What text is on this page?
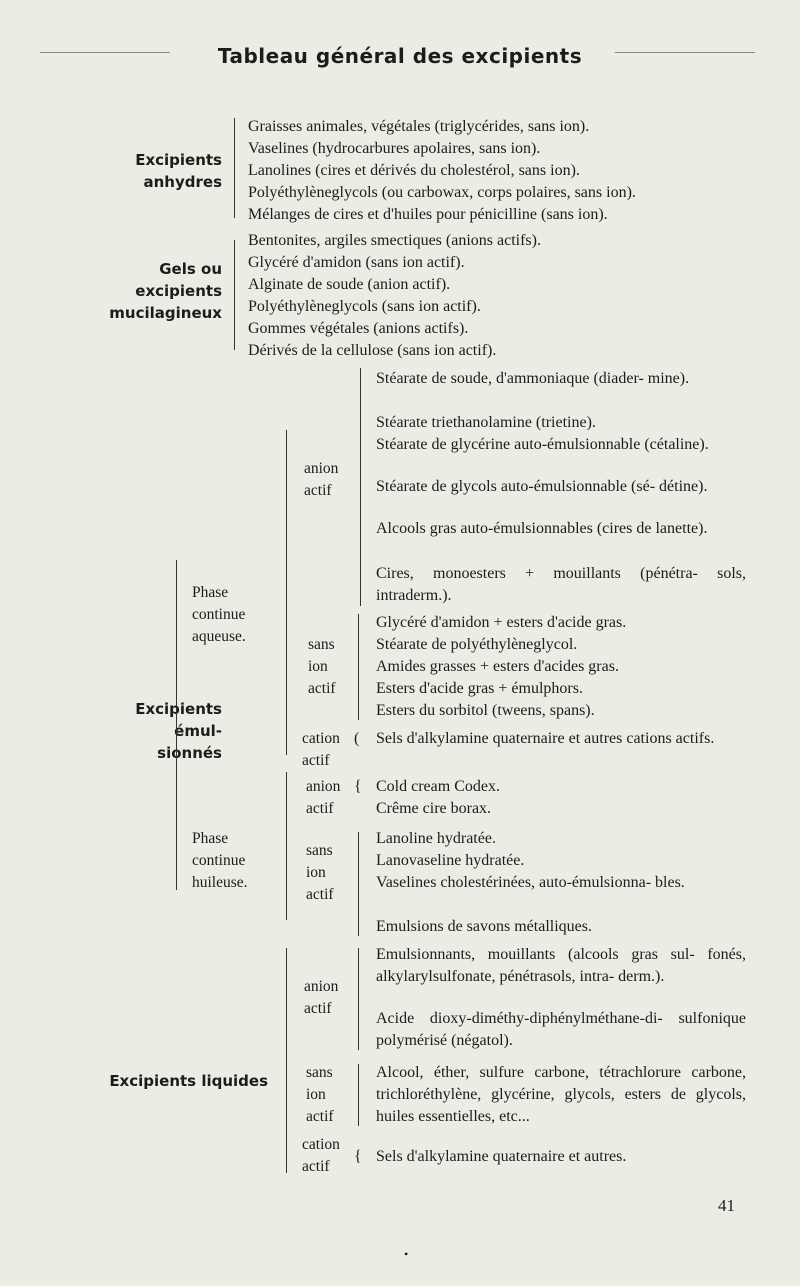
Tableau général des excipients
Excipients
anhydres
Graisses animales, végétales (triglycérides, sans ion).
Vaselines (hydrocarbures apolaires, sans ion).
Lanolines (cires et dérivés du cholestérol, sans ion).
Polyéthylèneglycols (ou carbowax, corps polaires, sans ion).
Mélanges de cires et d'huiles pour pénicilline (sans ion).
Gels ou
excipients
mucilagineux
Bentonites, argiles smectiques (anions actifs).
Glycéré d'amidon (sans ion actif).
Alginate de soude (anion actif).
Polyéthylèneglycols (sans ion actif).
Gommes végétales (anions actifs).
Dérivés de la cellulose (sans ion actif).
Excipients
émul-
sionnés
Phase
continue
aqueuse.
anion
actif
Stéarate de soude, d'ammoniaque (diader- mine).
Stéarate triethanolamine (trietine).
Stéarate de glycérine auto-émulsionnable (cétaline).
Stéarate de glycols auto-émulsionnable (sé- détine).
Alcools gras auto-émulsionnables (cires de lanette).
Cires, monoesters + mouillants (pénétra- sols, intraderm.).
sans
ion
actif
Glycéré d'amidon + esters d'acide gras.
Stéarate de polyéthylèneglycol.
Amides grasses + esters d'acides gras.
Esters d'acide gras + émulphors.
Esters du sorbitol (tweens, spans).
cation
actif
( Sels d'alkylamine quaternaire et autres cations actifs.
Phase
continue
huileuse.
anion
actif
{ Cold cream Codex.
Crême cire borax.
sans
ion
actif
Lanoline hydratée.
Lanovaseline hydratée.
Vaselines cholestérinées, auto-émulsionna- bles.
Emulsions de savons métalliques.
Excipients liquides
anion
actif
Emulsionnants, mouillants (alcools gras sul- fonés, alkylarylsulfonate, pénétrasols, intra- derm.).
Acide dioxy-diméthy-diphénylméthane-di- sulfonique polymérisé (négatol).
sans
ion
actif
Alcool, éther, sulfure carbone, tétrachlorure carbone, trichloréthylène, glycérine, glycols, esters de glycols, huiles essentielles, etc...
cation
actif
{ Sels d'alkylamine quaternaire et autres.
41
•
